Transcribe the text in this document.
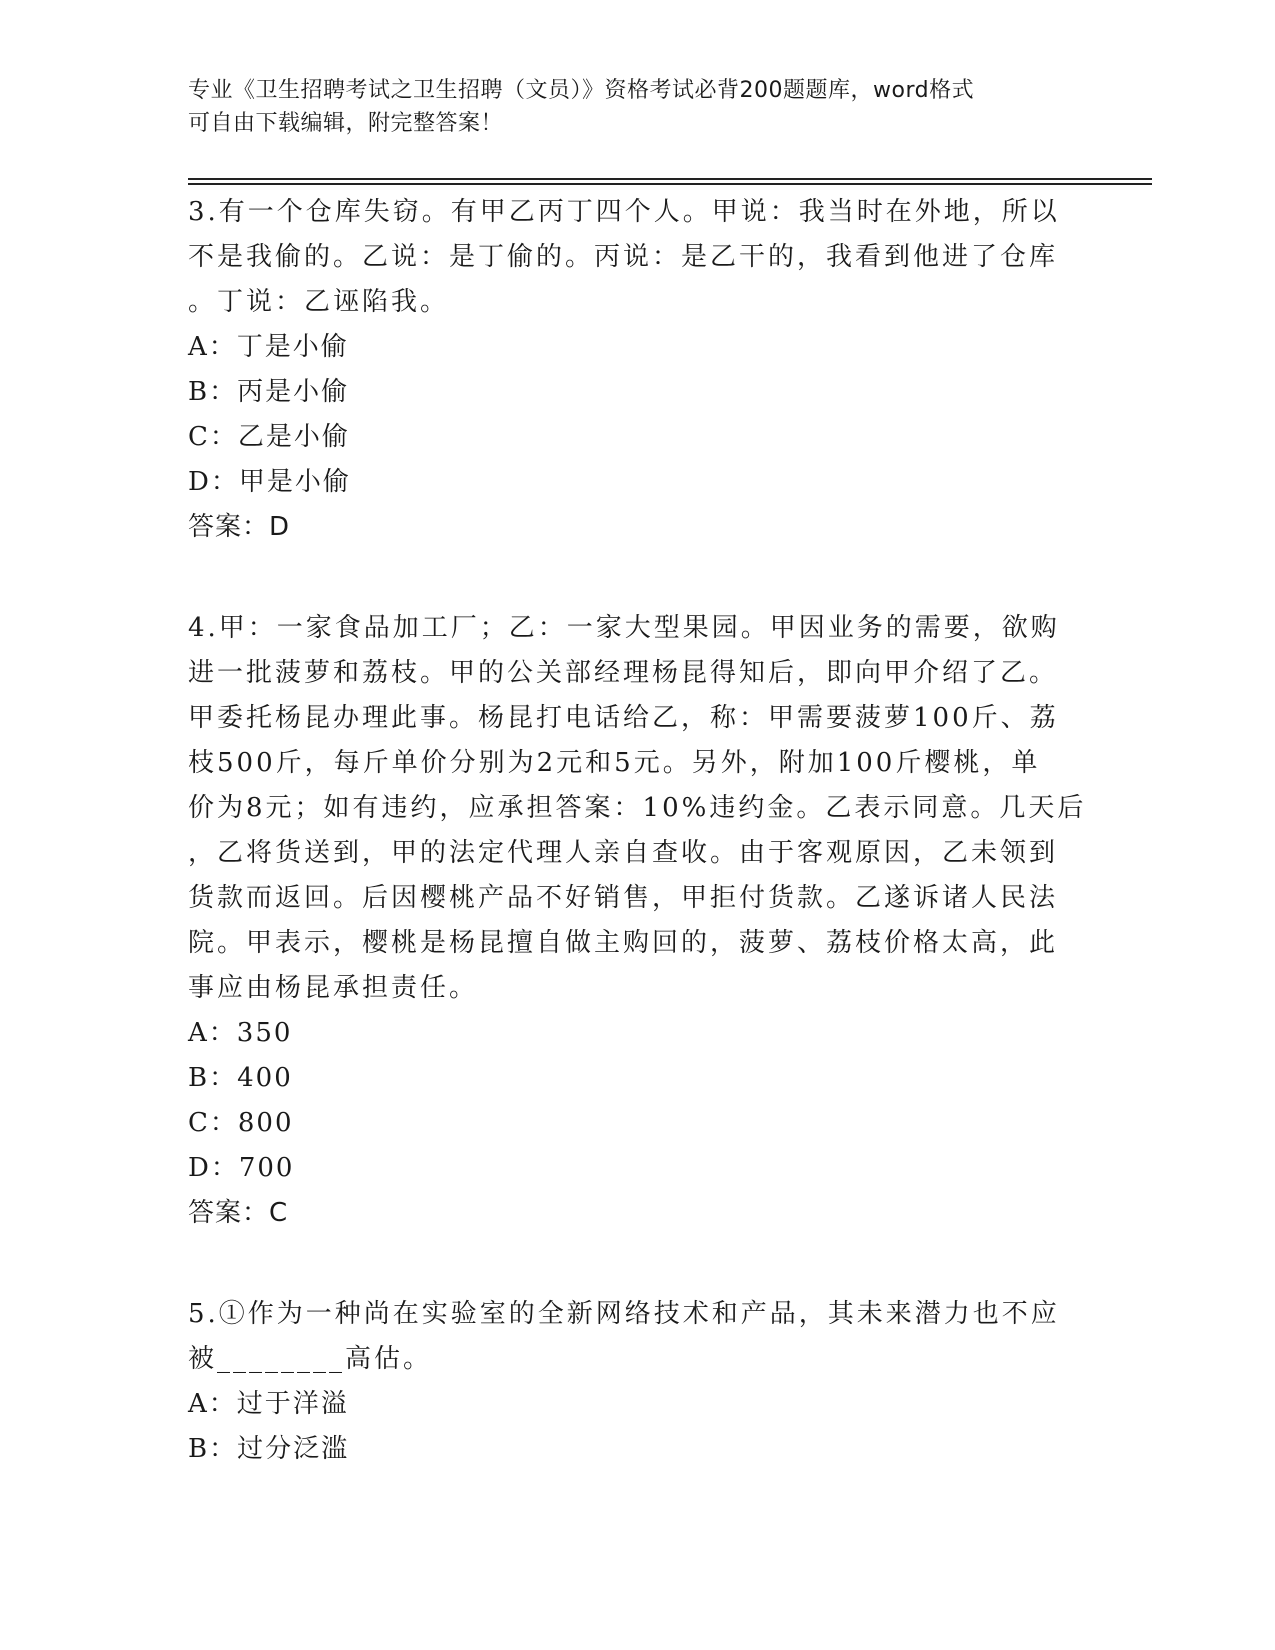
专业《卫生招聘考试之卫生招聘（文员）》资格考试必背200题题库，word格式
可自由下载编辑，附完整答案！
3.有一个仓库失窃。有甲乙丙丁四个人。甲说：我当时在外地，所以
不是我偷的。乙说：是丁偷的。丙说：是乙干的，我看到他进了仓库
。丁说：乙诬陷我。
A：丁是小偷
B：丙是小偷
C：乙是小偷
D：甲是小偷
答案：D
4.甲：一家食品加工厂；乙：一家大型果园。甲因业务的需要，欲购
进一批菠萝和荔枝。甲的公关部经理杨昆得知后，即向甲介绍了乙。
甲委托杨昆办理此事。杨昆打电话给乙，称：甲需要菠萝100斤、荔
枝500斤，每斤单价分别为2元和5元。另外，附加100斤樱桃，单
价为8元；如有违约，应承担答案：10%违约金。乙表示同意。几天后
，乙将货送到，甲的法定代理人亲自查收。由于客观原因，乙未领到
货款而返回。后因樱桃产品不好销售，甲拒付货款。乙遂诉诸人民法
院。甲表示，樱桃是杨昆擅自做主购回的，菠萝、荔枝价格太高，此
事应由杨昆承担责任。
A：350
B：400
C：800
D：700
答案：C
5.①作为一种尚在实验室的全新网络技术和产品，其未来潜力也不应
被________高估。
A：过于洋溢
B：过分泛滥
